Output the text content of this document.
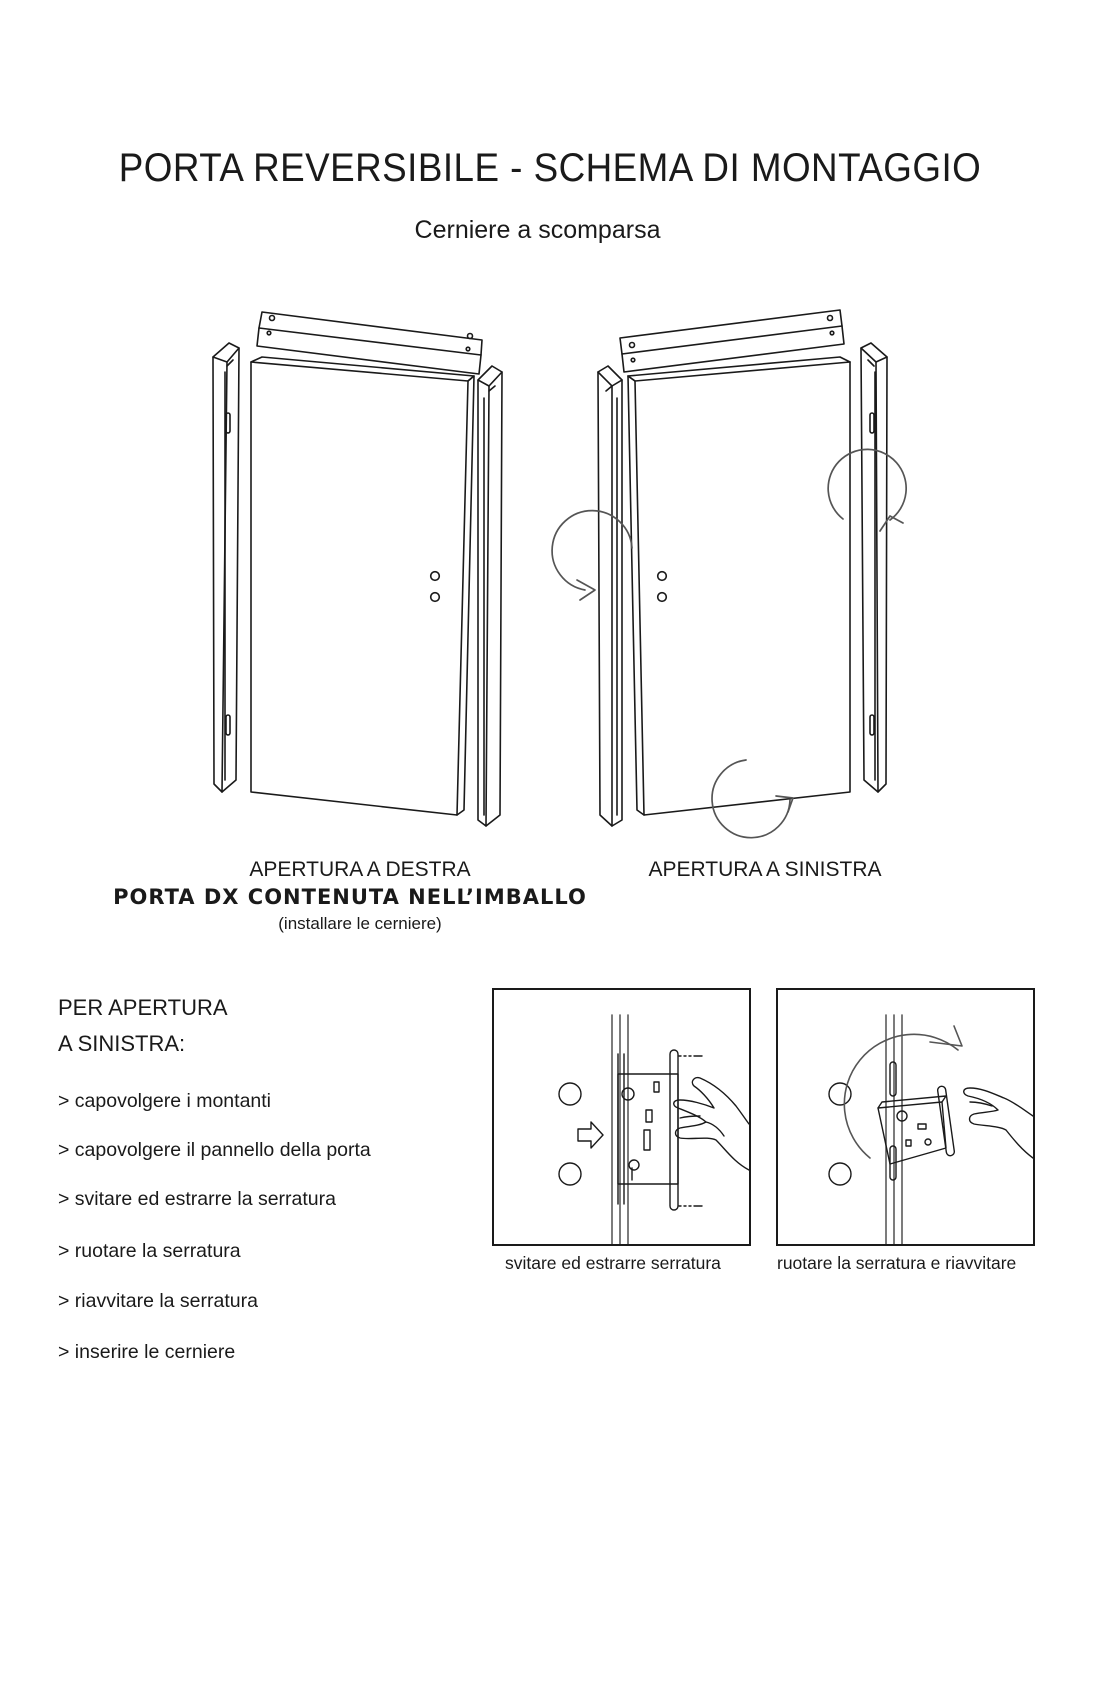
PORTA REVERSIBILE - SCHEMA DI MONTAGGIO
Cerniere a scomparsa
APERTURA A DESTRA	APERTURA A SINISTRA
PORTA DX CONTENUTA NELL’IMBALLO
(installare le cerniere)
PER APERTURA
A SINISTRA:
> capovolgere i montanti
> capovolgere il pannello della porta
> svitare ed estrarre la serratura
> ruotare la serratura
> riavvitare la serratura
> inserire le cerniere
svitare ed estrarre serratura	ruotare la serratura e riavvitare
